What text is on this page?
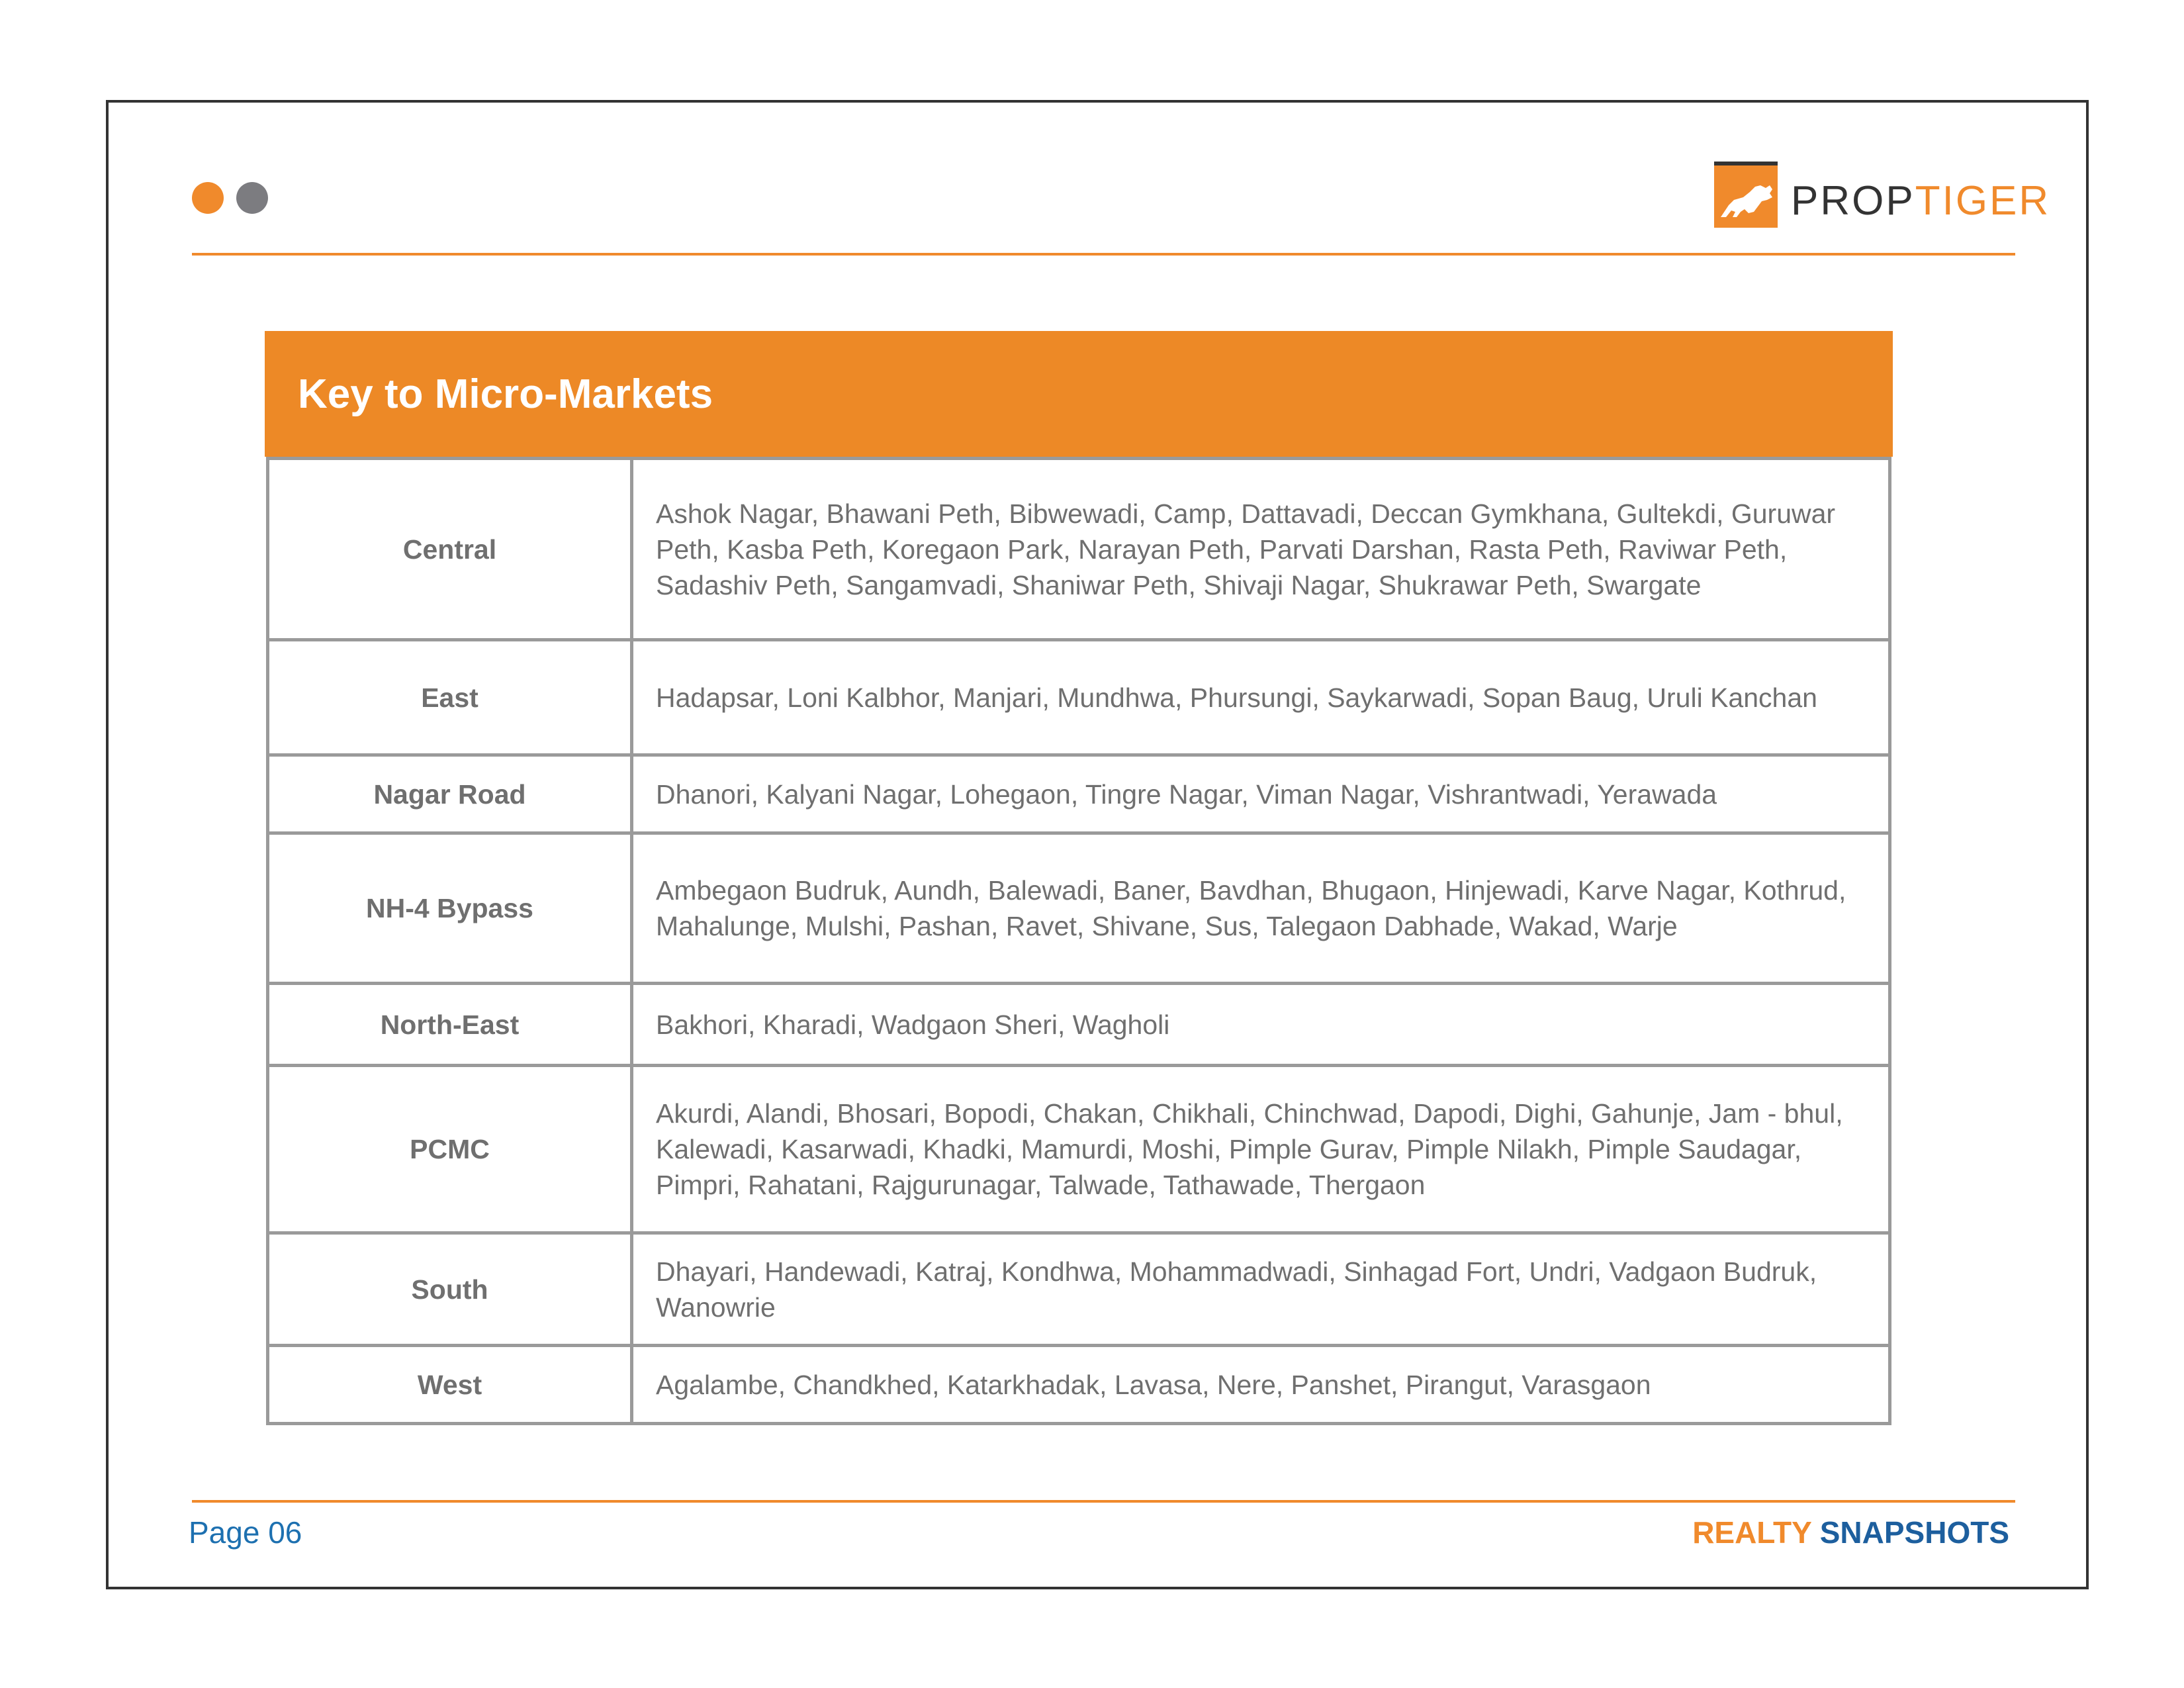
PROPTIGER
Key to Micro-Markets
Central	Ashok Nagar, Bhawani Peth, Bibwewadi, Camp, Dattavadi, Deccan Gymkhana, Gultekdi, Guruwar Peth, Kasba Peth, Koregaon Park, Narayan Peth, Parvati Darshan, Rasta Peth, Raviwar Peth, Sadashiv Peth, Sangamvadi, Shaniwar Peth, Shivaji Nagar, Shukrawar Peth, Swargate
East	Hadapsar, Loni Kalbhor, Manjari, Mundhwa, Phursungi, Saykarwadi, Sopan Baug, Uruli Kanchan
Nagar Road	Dhanori, Kalyani Nagar, Lohegaon, Tingre Nagar, Viman Nagar, Vishrantwadi, Yerawada
NH-4 Bypass	Ambegaon Budruk, Aundh, Balewadi, Baner, Bavdhan, Bhugaon, Hinjewadi, Karve Nagar, Kothrud, Mahalunge, Mulshi, Pashan, Ravet, Shivane, Sus, Talegaon Dabhade, Wakad, Warje
North-East	Bakhori, Kharadi, Wadgaon Sheri, Wagholi
PCMC	Akurdi, Alandi, Bhosari, Bopodi, Chakan, Chikhali, Chinchwad, Dapodi, Dighi, Gahunje, Jam - bhul, Kalewadi, Kasarwadi, Khadki, Mamurdi, Moshi, Pimple Gurav, Pimple Nilakh, Pimple Saudagar, Pimpri, Rahatani, Rajgurunagar, Talwade, Tathawade, Thergaon
South	Dhayari, Handewadi, Katraj, Kondhwa, Mohammadwadi, Sinhagad Fort, Undri, Vadgaon Budruk, Wanowrie
West	Agalambe, Chandkhed, Katarkhadak, Lavasa, Nere, Panshet, Pirangut, Varasgaon
Page 06	REALTY SNAPSHOTS
